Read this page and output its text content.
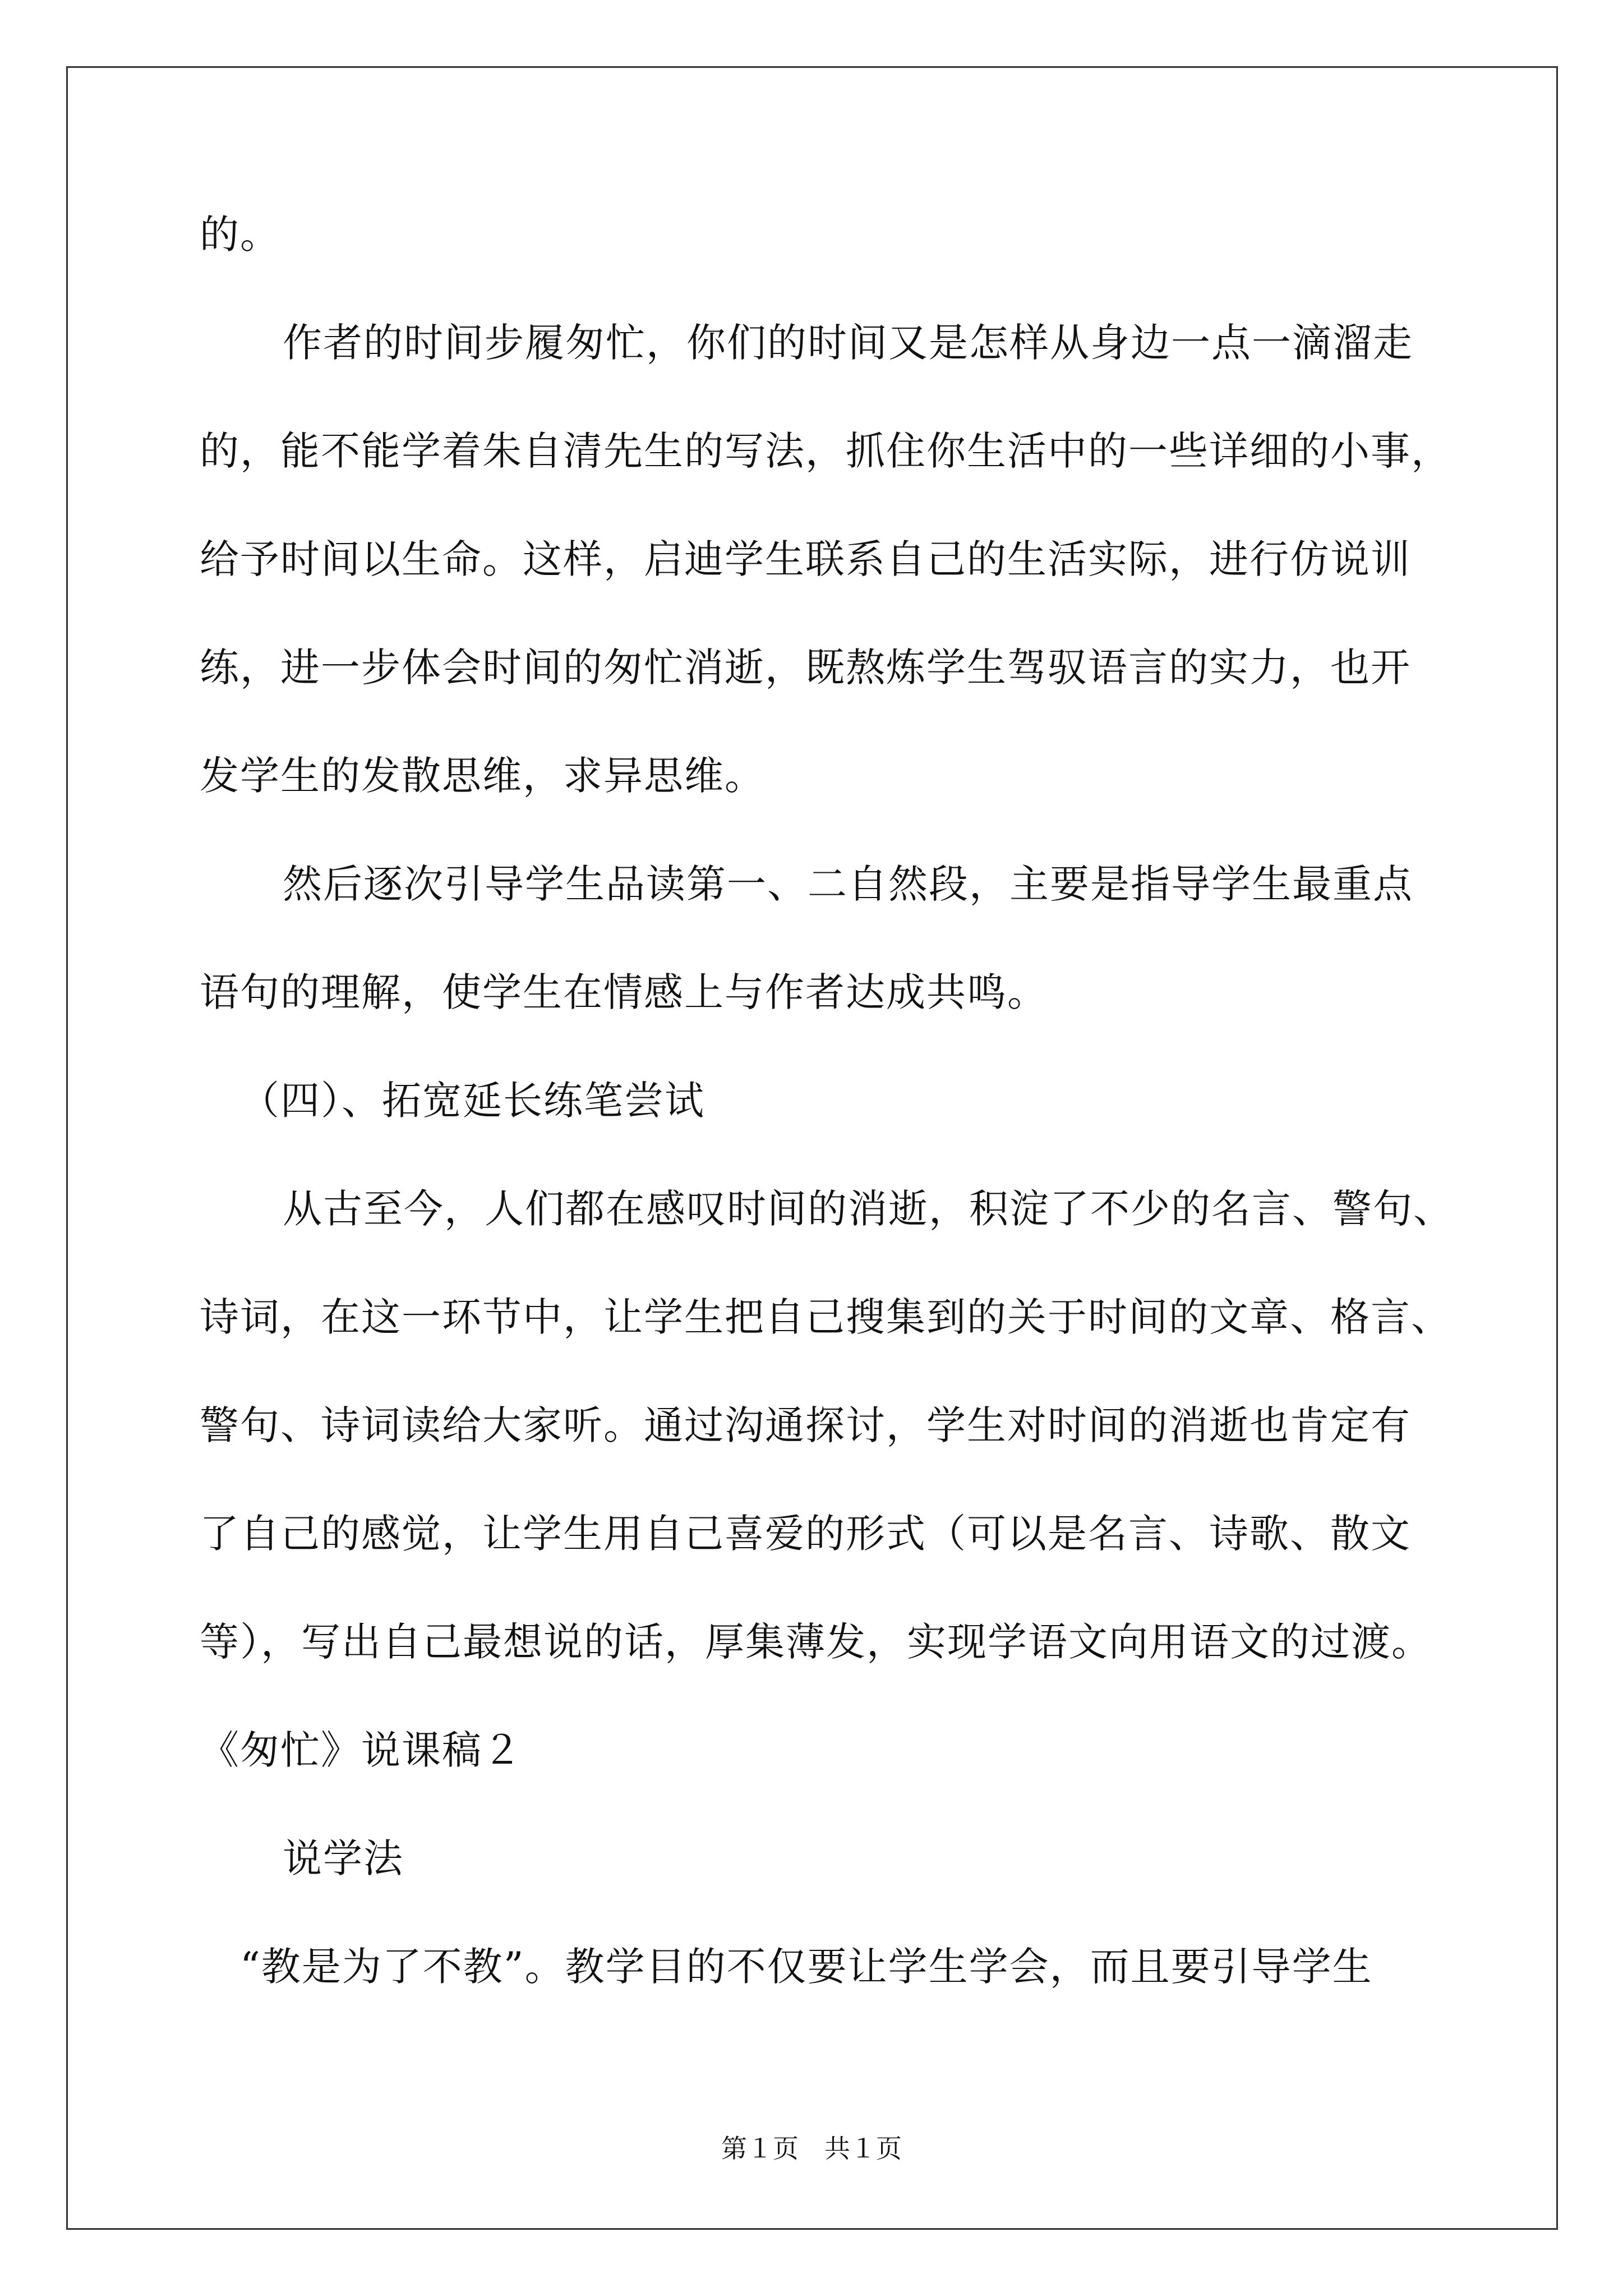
的。
作者的时间步履匆忙，你们的时间又是怎样从身边一点一滴溜走
的，能不能学着朱自清先生的写法，抓住你生活中的一些详细的小事，
给予时间以生命。这样，启迪学生联系自己的生活实际，进行仿说训
练，进一步体会时间的匆忙消逝，既熬炼学生驾驭语言的实力，也开
发学生的发散思维，求异思维。
然后逐次引导学生品读第一、二自然段，主要是指导学生最重点
语句的理解，使学生在情感上与作者达成共鸣。
（四）、拓宽延长练笔尝试
从古至今，人们都在感叹时间的消逝，积淀了不少的名言、警句、
诗词，在这一环节中，让学生把自己搜集到的关于时间的文章、格言、
警句、诗词读给大家听。通过沟通探讨，学生对时间的消逝也肯定有
了自己的感觉，让学生用自己喜爱的形式（可以是名言、诗歌、散文
等），写出自己最想说的话，厚集薄发，实现学语文向用语文的过渡。
《匆忙》说课稿２
说学法
“教是为了不教”。教学目的不仅要让学生学会，而且要引导学生
第１页　共１页
